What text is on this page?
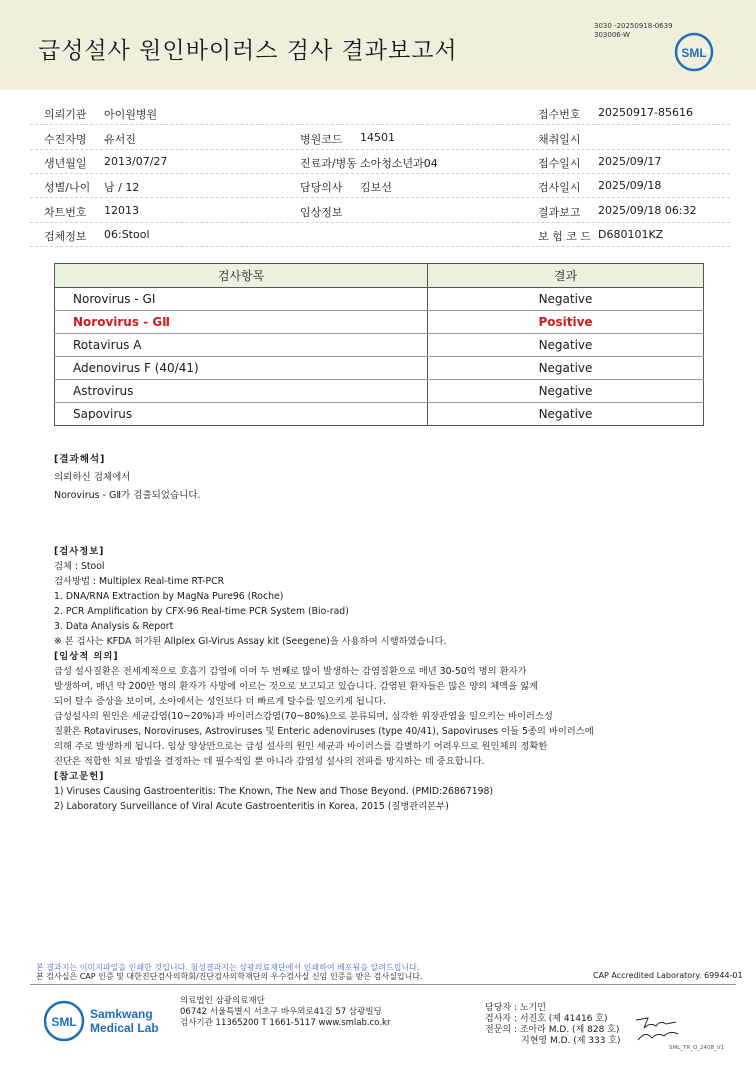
급성설사 원인바이러스 검사 결과보고서
3030 -20250918-0639
303006-W
SML
의뢰기관 아이원병원	접수번호 20250917-85616
수진자명 유서진	병원코드 14501	채취일시
생년월일 2013/07/27	진료과/병동 소아청소년과04	접수일시 2025/09/17
성별/나이 남 / 12	담당의사 김보선	검사일시 2025/09/18
차트번호 12013	임상정보	결과보고 2025/09/18 06:32
검체정보 06:Stool	보 험 코 드 D680101KZ
검사항목	결과
Norovirus - GⅠ	Negative
Norovirus - GⅡ	Positive
Rotavirus A	Negative
Adenovirus F (40/41)	Negative
Astrovirus	Negative
Sapovirus	Negative
[결과해석]
의뢰하신 검체에서
Norovirus - GⅡ가 검출되었습니다.
[검사정보]
검체 : Stool
검사방법 : Multiplex Real-time RT-PCR
1. DNA/RNA Extraction by MagNa Pure96 (Roche)
2. PCR Amplification by CFX-96 Real-time PCR System (Bio-rad)
3. Data Analysis & Report
※ 본 검사는 KFDA 허가된 Allplex GI-Virus Assay kit (Seegene)을 사용하여 시행하였습니다.
[임상적 의의]
급성 설사질환은 전세계적으로 호흡기 감염에 이어 두 번째로 많이 발생하는 감염질환으로 매년 30-50억 명의 환자가
발생하며, 매년 약 200만 명의 환자가 사망에 이르는 것으로 보고되고 있습니다. 감염된 환자들은 많은 양의 체액을 잃게
되어 탈수 증상을 보이며, 소아에서는 성인보다 더 빠르게 탈수를 일으키게 됩니다.
급성설사의 원인은 세균감염(10~20%)과 바이러스감염(70~80%)으로 분류되며, 심각한 위장관염을 일으키는 바이러스성
질환은 Rotaviruses, Noroviruses, Astroviruses 및 Enteric adenoviruses (type 40/41), Sapoviruses 이들 5종의 바이러스에
의해 주로 발생하게 됩니다. 임상 양상만으로는 급성 설사의 원인 세균과 바이러스를 감별하기 어려우므로 원인체의 정확한
진단은 적합한 치료 방법을 결정하는 데 필수적일 뿐 아니라 감염성 설사의 전파를 방지하는 데 중요합니다.
[참고문헌]
1) Viruses Causing Gastroenteritis: The Known, The New and Those Beyond. (PMID:26867198)
2) Laboratory Surveillance of Viral Acute Gastroenteritis in Korea, 2015 (질병관리본부)
본 결과지는 이미지파일을 인쇄한 것입니다. 첨성결과지는 삼광의료재단에서 인쇄하여 배포됨을 알려드립니다.
본 검사실은 CAP 인증 및 대한진단검사의학회/진단검사의학재단의 우수검사실 신임 인증을 받은 검사실입니다.	CAP Accredited Laboratory. 69944-01
SML
Samkwang
Medical Lab
의료법인 삼광의료재단
06742 서울특별시 서초구 바우뫼로41길 57 삼광빌딩
검사기관 11365200 T 1661-5117 www.smlab.co.kr
담당자 : 노기민
검사자 : 서진호 (제 41416 호)
전문의 : 조아라 M.D. (제 828 호)
지현영 M.D. (제 333 호)
SML_TR_Q_2408_V1
